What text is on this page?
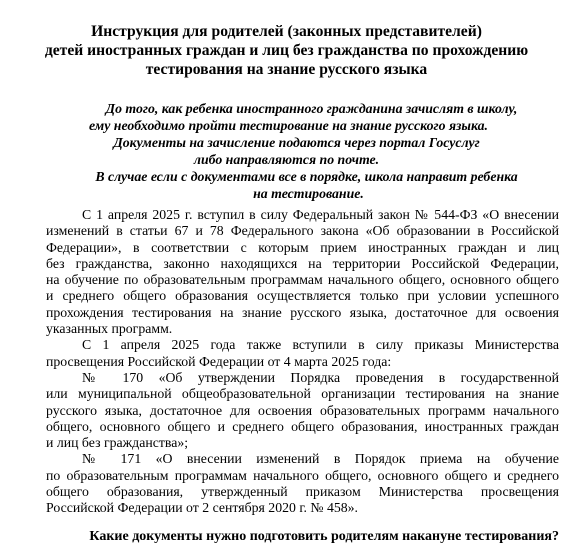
Инструкция для родителей (законных представителей)
детей иностранных граждан и лиц без гражданства по прохождению
тестирования на знание русского языка
До того, как ребенка иностранного гражданина зачислят в школу,
ему необходимо пройти тестирование на знание русского языка.
Документы на зачисление подаются через портал Госуслуг
либо направляются по почте.
В случае если с документами все в порядке, школа направит ребенка
на тестирование.
С 1 апреля 2025 г. вступил в силу Федеральный закон № 544-ФЗ «О внесении
изменений в статьи 67 и 78 Федерального закона «Об образовании в Российской
Федерации», в соответствии с которым прием иностранных граждан и лиц
без гражданства, законно находящихся на территории Российской Федерации,
на обучение по образовательным программам начального общего, основного общего
и среднего общего образования осуществляется только при условии успешного
прохождения тестирования на знание русского языка, достаточное для освоения
указанных программ.
С 1 апреля 2025 года также вступили в силу приказы Министерства
просвещения Российской Федерации от 4 марта 2025 года:
№ 170 «Об утверждении Порядка проведения в государственной
или муниципальной общеобразовательной организации тестирования на знание
русского языка, достаточное для освоения образовательных программ начального
общего, основного общего и среднего общего образования, иностранных граждан
и лиц без гражданства»;
№ 171 «О внесении изменений в Порядок приема на обучение
по образовательным программам начального общего, основного общего и среднего
общего образования, утвержденный приказом Министерства просвещения
Российской Федерации от 2 сентября 2020 г. № 458».
Какие документы нужно подготовить родителям накануне тестирования?
